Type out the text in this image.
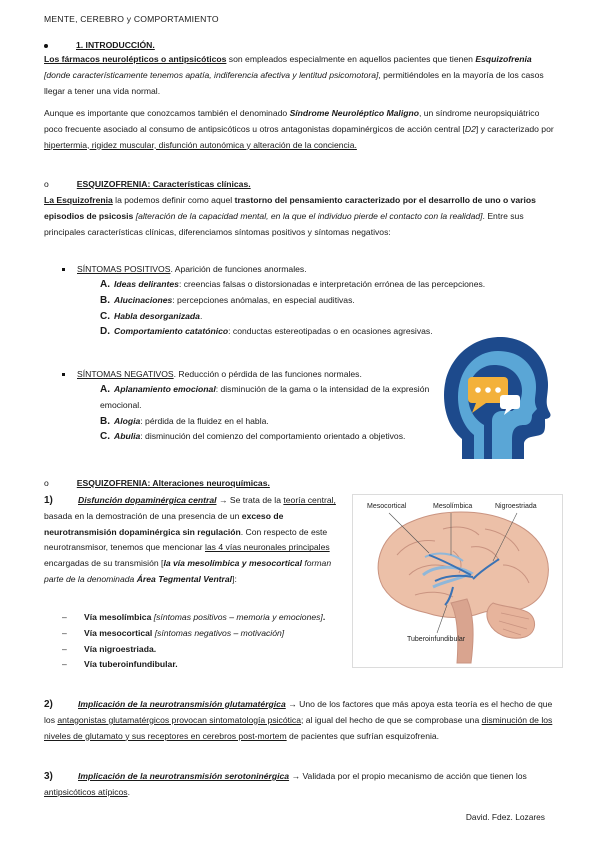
MENTE, CEREBRO y COMPORTAMIENTO
1. INTRODUCCIÓN.

Los fármacos neurolépticos o antipsicóticos son empleados especialmente en aquellos pacientes que tienen Esquizofrenia [donde característicamente tenemos apatía, indiferencia afectiva y lentitud psicomotora], permitiéndoles en la mayoría de los casos llegar a tener una vida normal.

Aunque es importante que conozcamos también el denominado Síndrome Neuroléptico Maligno, un síndrome neuropsiquiátrico poco frecuente asociado al consumo de antipsicóticos u otros antagonistas dopaminérgicos de acción central [D2] y caracterizado por hipertermia, rigidez muscular, disfunción autonómica y alteración de la conciencia.

o	ESQUIZOFRENIA: Características clínicas.

La Esquizofrenia la podemos definir como aquel trastorno del pensamiento caracterizado por el desarrollo de uno o varios episodios de psicosis [alteración de la capacidad mental, en la que el individuo pierde el contacto con la realidad]. Entre sus principales características clínicas, diferenciamos síntomas positivos y síntomas negativos:

SÍNTOMAS POSITIVOS. Aparición de funciones anormales.

A. Ideas delirantes: creencias falsas o distorsionadas e interpretación errónea de las percepciones.

B. Alucinaciones: percepciones anómalas, en especial auditivas.

C. Habla desorganizada.

D. Comportamiento catatónico: conductas estereotipadas o en ocasiones agresivas.

SÍNTOMAS NEGATIVOS. Reducción o pérdida de las funciones normales.

A. Aplanamiento emocional: disminución de la gama o la intensidad de la expresión emocional.

B. Alogia: pérdida de la fluidez en el habla.

C. Abulia: disminución del comienzo del comportamiento orientado a objetivos.

o	ESQUIZOFRENIA: Alteraciones neuroquímicas.
1)	Disfunción dopaminérgica central → Se trata de la teoría central, basada en la demostración de una presencia de un exceso de neurotransmisión dopaminérgica sin regulación. Con respecto de este neurotransmisor, tenemos que mencionar las 4 vías neuronales principales encargadas de su transmisión [la vía mesolímbica y mesocortical forman parte de la denominada Área Tegmental Ventral]:

– Vía mesolímbica [síntomas positivos – memoria y emociones].

– Vía mesocortical [síntomas negativos – motivación]

– Vía nigroestriada.

– Vía tuberoinfundibular.

Mesocortical	Mesolímbica	Nigroestriada
Tuberoinfundibular
2)	Implicación de la neurotransmisión glutamatérgica → Uno de los factores que más apoya esta teoría es el hecho de que los antagonistas glutamatérgicos provocan sintomatología psicótica; al igual del hecho de que se comprobase una disminución de los niveles de glutamato y sus receptores en cerebros post-mortem de pacientes que sufrían esquizofrenia.

3)	Implicación de la neurotransmisión serotoninérgica → Validada por el propio mecanismo de acción que tienen los antipsicóticos atípicos.

David. Fdez. Lozares
